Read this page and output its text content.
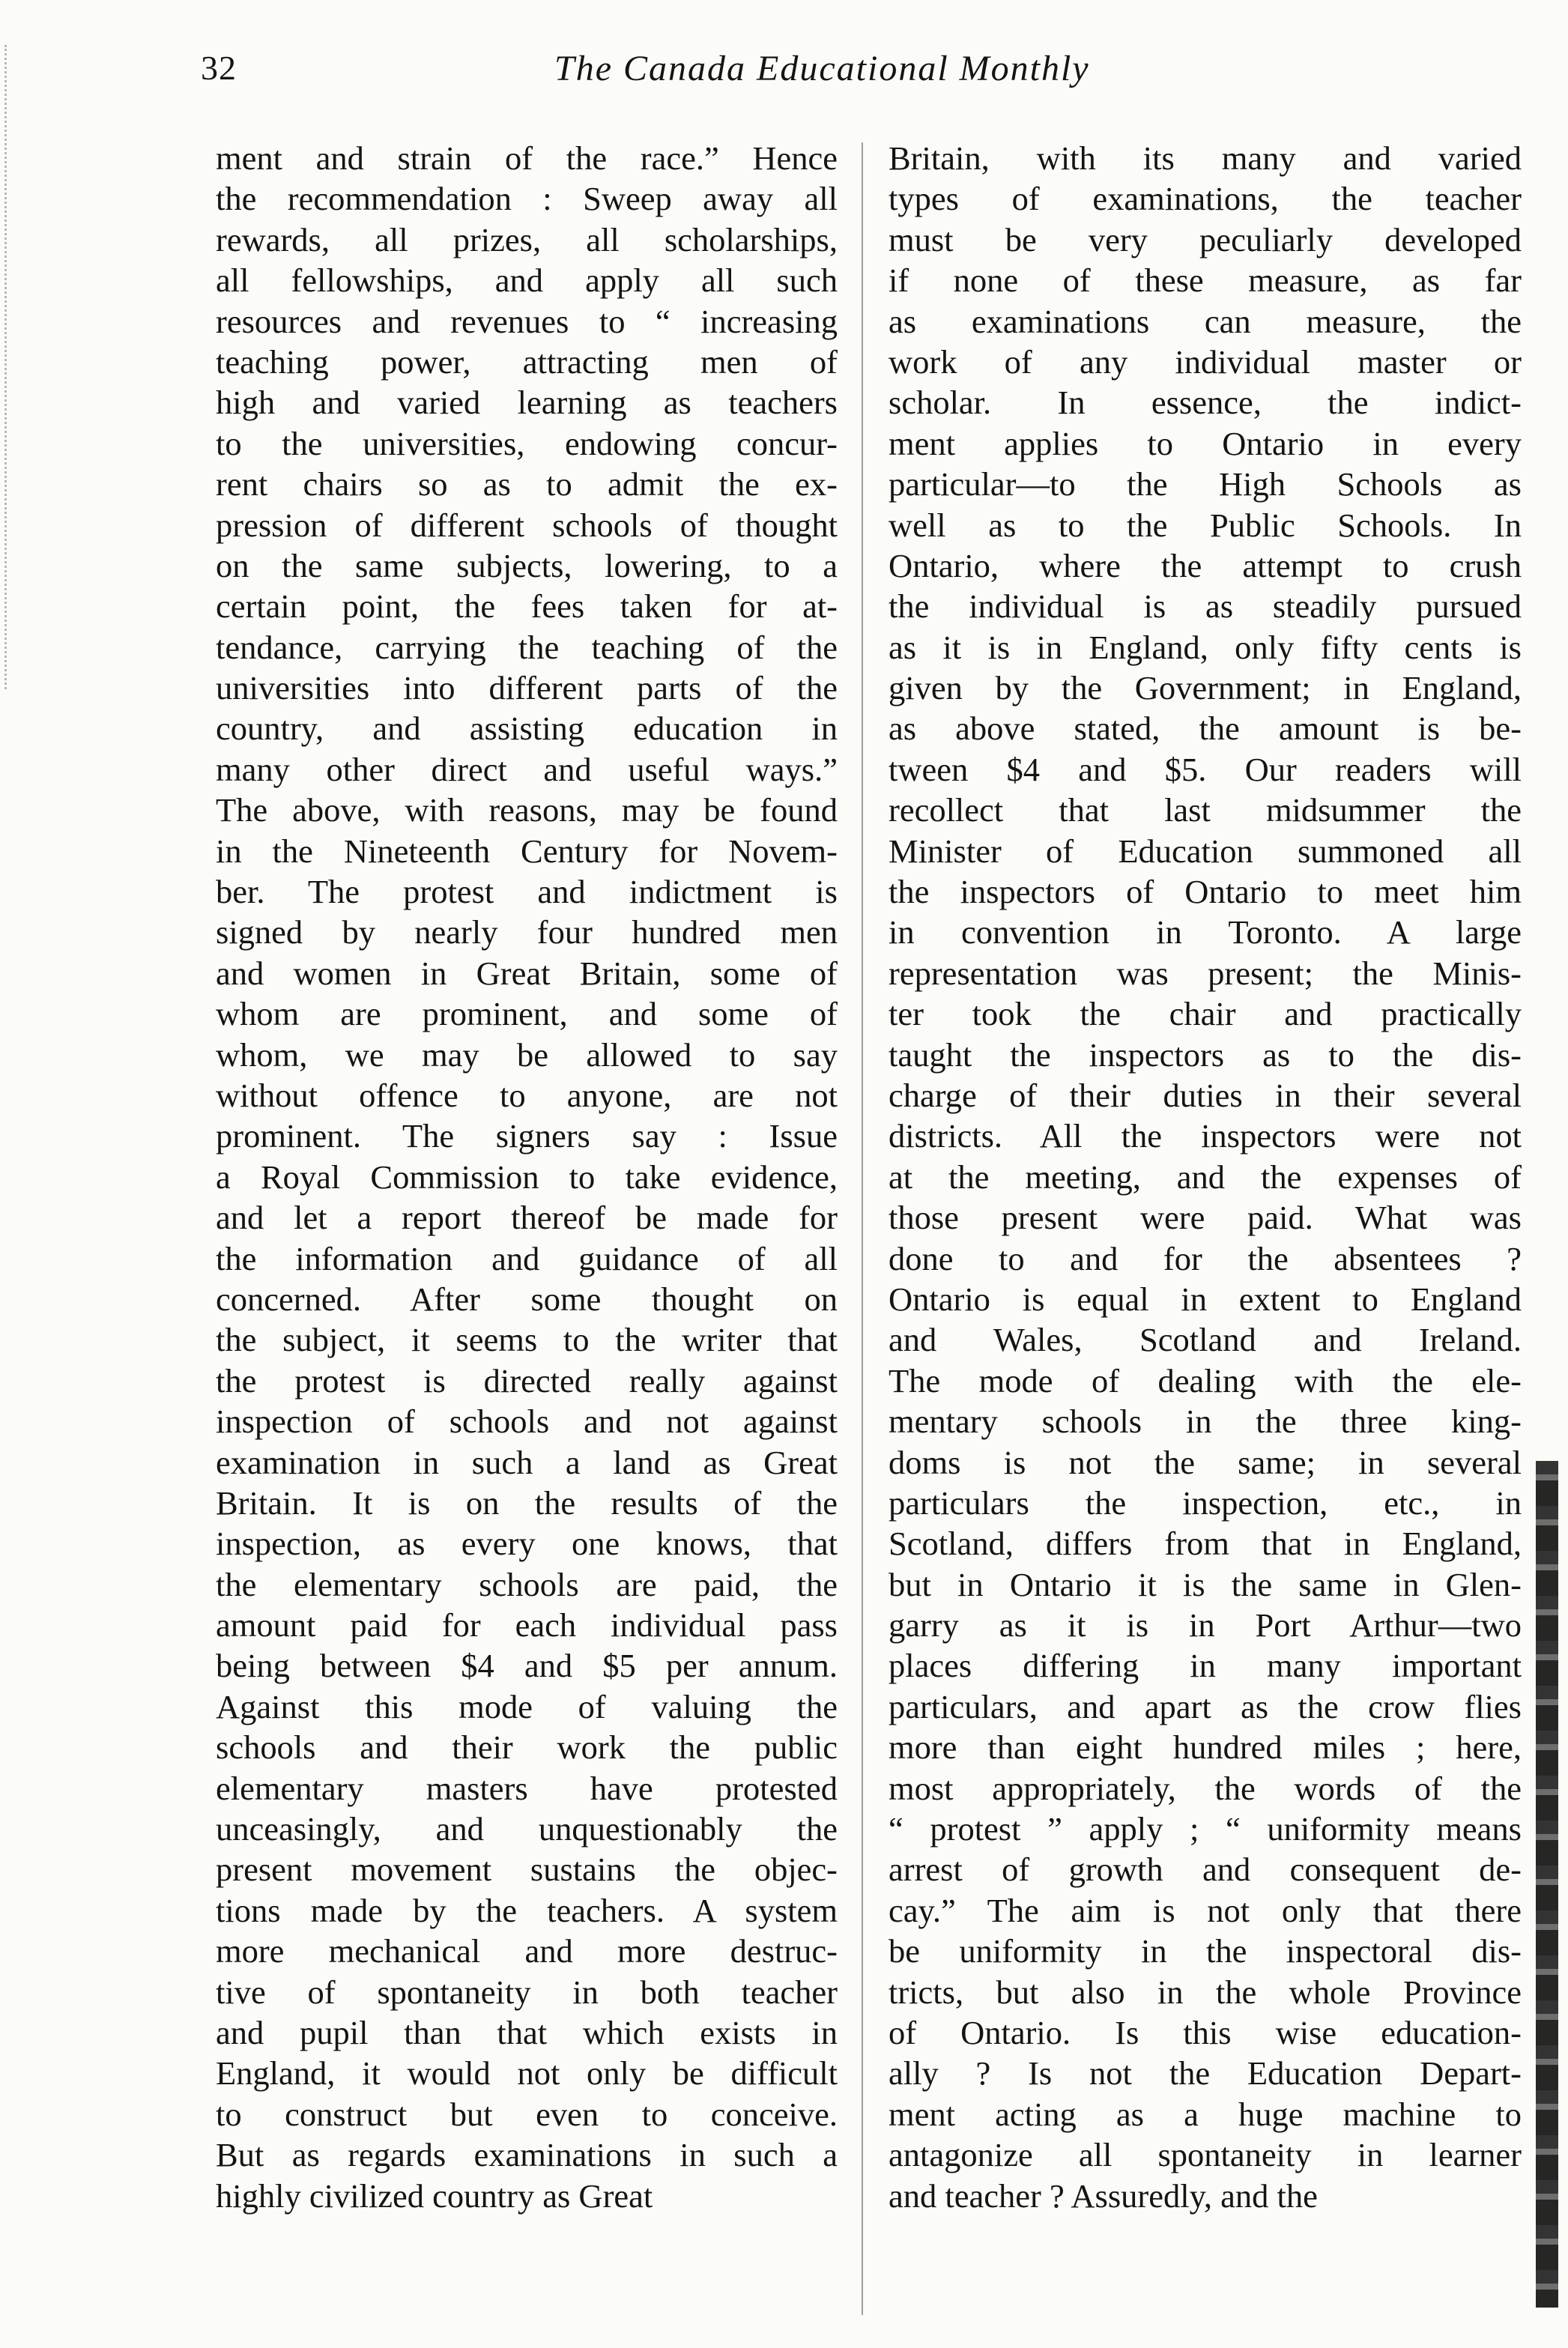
32	The Canada Educational Monthly
ment and strain of the race.” Hence
the recommendation : Sweep away all
rewards, all prizes, all scholarships,
all fellowships, and apply all such
resources and revenues to “ increasing
teaching power, attracting men of
high and varied learning as teachers
to the universities, endowing concur-
rent chairs so as to admit the ex-
pression of different schools of thought
on the same subjects, lowering, to a
certain point, the fees taken for at-
tendance, carrying the teaching of the
universities into different parts of the
country, and assisting education in
many other direct and useful ways.”
The above, with reasons, may be found
in the Nineteenth Century for Novem-
ber. The protest and indictment is
signed by nearly four hundred men
and women in Great Britain, some of
whom are prominent, and some of
whom, we may be allowed to say
without offence to anyone, are not
prominent. The signers say : Issue
a Royal Commission to take evidence,
and let a report thereof be made for
the information and guidance of all
concerned. After some thought on
the subject, it seems to the writer that
the protest is directed really against
inspection of schools and not against
examination in such a land as Great
Britain. It is on the results of the
inspection, as every one knows, that
the elementary schools are paid, the
amount paid for each individual pass
being between $4 and $5 per annum.
Against this mode of valuing the
schools and their work the public
elementary masters have protested
unceasingly, and unquestionably the
present movement sustains the objec-
tions made by the teachers. A system
more mechanical and more destruc-
tive of spontaneity in both teacher
and pupil than that which exists in
England, it would not only be difficult
to construct but even to conceive.
But as regards examinations in such a
highly civilized country as Great
Britain, with its many and varied
types of examinations, the teacher
must be very peculiarly developed
if none of these measure, as far
as examinations can measure, the
work of any individual master or
scholar. In essence, the indict-
ment applies to Ontario in every
particular—to the High Schools as
well as to the Public Schools. In
Ontario, where the attempt to crush
the individual is as steadily pursued
as it is in England, only fifty cents is
given by the Government; in England,
as above stated, the amount is be-
tween $4 and $5. Our readers will
recollect that last midsummer the
Minister of Education summoned all
the inspectors of Ontario to meet him
in convention in Toronto. A large
representation was present; the Minis-
ter took the chair and practically
taught the inspectors as to the dis-
charge of their duties in their several
districts. All the inspectors were not
at the meeting, and the expenses of
those present were paid. What was
done to and for the absentees ?
Ontario is equal in extent to England
and Wales, Scotland and Ireland.
The mode of dealing with the ele-
mentary schools in the three king-
doms is not the same; in several
particulars the inspection, etc., in
Scotland, differs from that in England,
but in Ontario it is the same in Glen-
garry as it is in Port Arthur—two
places differing in many important
particulars, and apart as the crow flies
more than eight hundred miles ; here,
most appropriately, the words of the
“ protest ” apply ; “ uniformity means
arrest of growth and consequent de-
cay.” The aim is not only that there
be uniformity in the inspectoral dis-
tricts, but also in the whole Province
of Ontario. Is this wise education-
ally ? Is not the Education Depart-
ment acting as a huge machine to
antagonize all spontaneity in learner
and teacher ? Assuredly, and the
